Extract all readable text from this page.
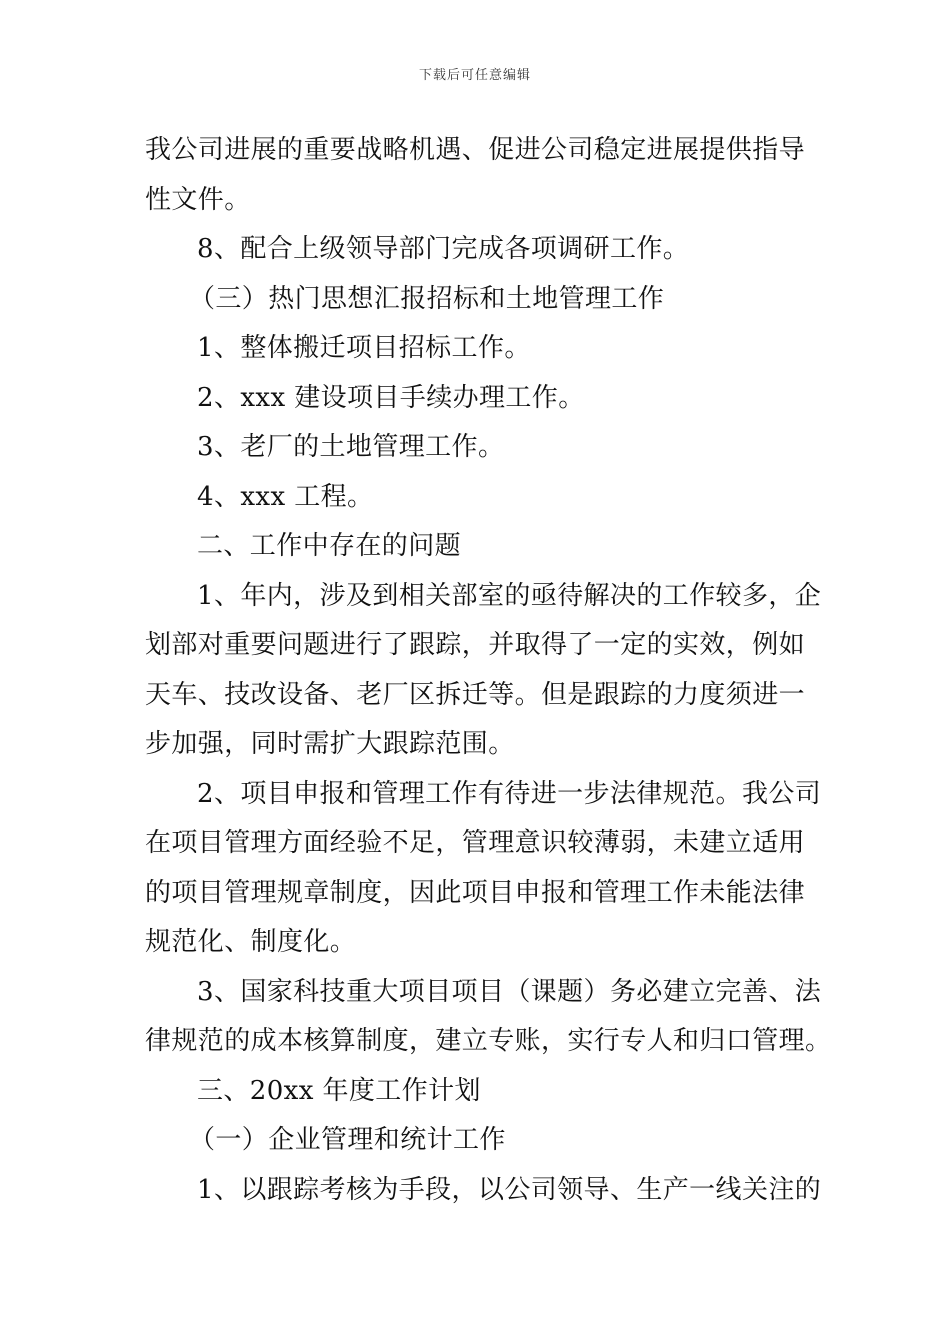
下载后可任意编辑
我公司进展的重要战略机遇、促进公司稳定进展提供指导
性文件。
8、配合上级领导部门完成各项调研工作。
（三）热门思想汇报招标和土地管理工作
1、整体搬迁项目招标工作。
2、xxx 建设项目手续办理工作。
3、老厂的土地管理工作。
4、xxx 工程。
二、工作中存在的问题
1、年内，涉及到相关部室的亟待解决的工作较多，企
划部对重要问题进行了跟踪，并取得了一定的实效，例如
天车、技改设备、老厂区拆迁等。但是跟踪的力度须进一
步加强，同时需扩大跟踪范围。
2、项目申报和管理工作有待进一步法律规范。我公司
在项目管理方面经验不足，管理意识较薄弱，未建立适用
的项目管理规章制度，因此项目申报和管理工作未能法律
规范化、制度化。
3、国家科技重大项目项目（课题）务必建立完善、法
律规范的成本核算制度，建立专账，实行专人和归口管理。
三、20xx 年度工作计划
（一）企业管理和统计工作
1、以跟踪考核为手段，以公司领导、生产一线关注的
